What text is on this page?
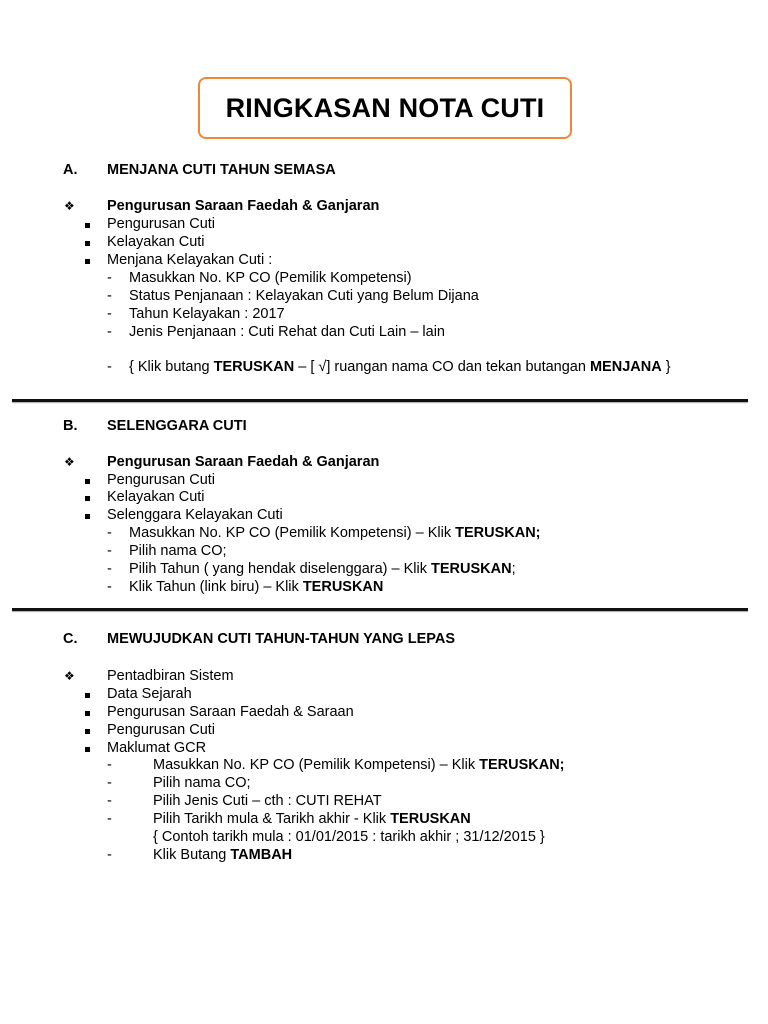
RINGKASAN NOTA CUTI
A. MENJANA CUTI TAHUN SEMASA
❖ Pengurusan Saraan Faedah & Ganjaran
Pengurusan Cuti
Kelayakan Cuti
Menjana Kelayakan Cuti :
- Masukkan No. KP CO (Pemilik Kompetensi)
- Status Penjanaan : Kelayakan Cuti yang Belum Dijana
- Tahun Kelayakan : 2017
- Jenis Penjanaan : Cuti Rehat dan Cuti Lain – lain
- { Klik butang TERUSKAN – [ √] ruangan nama CO dan tekan butangan MENJANA }
B. SELENGGARA CUTI
❖ Pengurusan Saraan Faedah & Ganjaran
Pengurusan Cuti
Kelayakan Cuti
Selenggara Kelayakan Cuti
- Masukkan No. KP CO (Pemilik Kompetensi) – Klik TERUSKAN;
- Pilih nama CO;
- Pilih Tahun ( yang hendak diselenggara) – Klik TERUSKAN;
- Klik Tahun (link biru) – Klik TERUSKAN
C. MEWUJUDKAN CUTI TAHUN-TAHUN YANG LEPAS
❖ Pentadbiran Sistem
Data Sejarah
Pengurusan Saraan Faedah & Saraan
Pengurusan Cuti
Maklumat GCR
-	Masukkan No. KP CO (Pemilik Kompetensi) – Klik TERUSKAN;
-	Pilih nama CO;
-	Pilih Jenis Cuti – cth : CUTI REHAT
-	Pilih Tarikh mula & Tarikh akhir - Klik TERUSKAN
{ Contoh tarikh mula : 01/01/2015 : tarikh akhir ; 31/12/2015 }
-	Klik Butang TAMBAH
